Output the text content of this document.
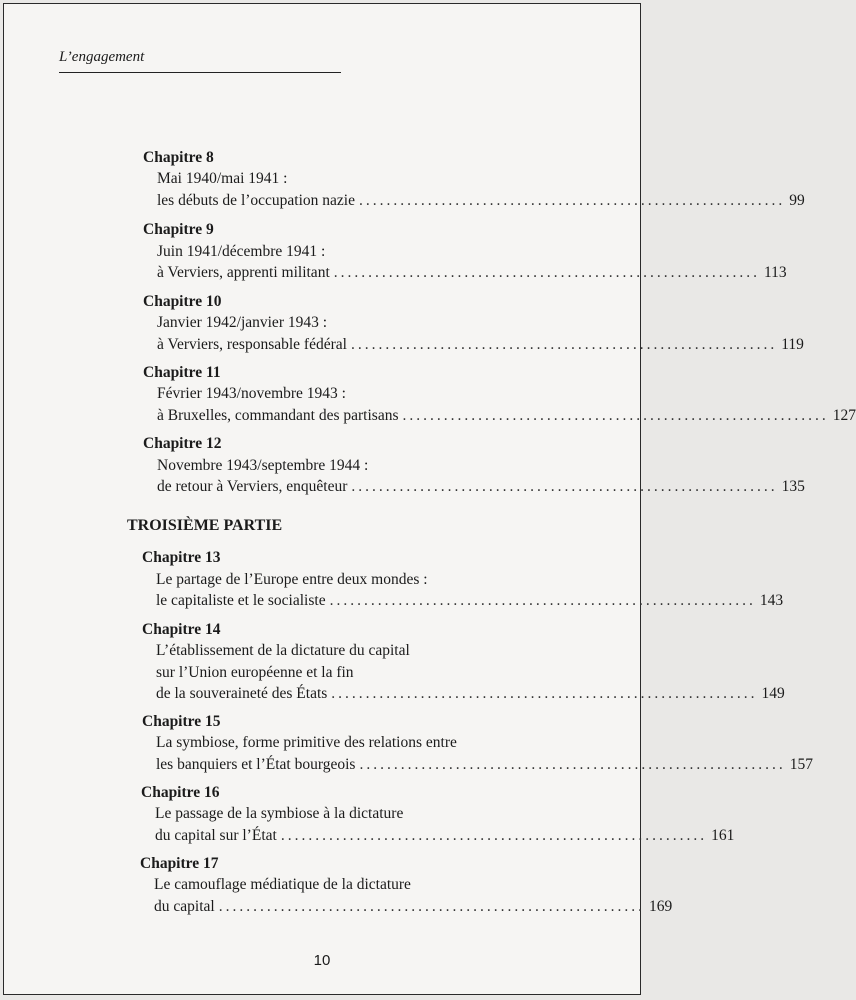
L’engagement
Chapitre 8
Mai 1940/mai 1941 :
les débuts de l’occupation nazie .............................................................. 99
Chapitre 9
Juin 1941/décembre 1941 :
à Verviers, apprenti militant .............................................................. 113
Chapitre 10
Janvier 1942/janvier 1943 :
à Verviers, responsable fédéral .............................................................. 119
Chapitre 11
Février 1943/novembre 1943 :
à Bruxelles, commandant des partisans .............................................................. 127
Chapitre 12
Novembre 1943/septembre 1944 :
de retour à Verviers, enquêteur .............................................................. 135
TROISIÈME PARTIE
Chapitre 13
Le partage de l’Europe entre deux mondes :
le capitaliste et le socialiste .............................................................. 143
Chapitre 14
L’établissement de la dictature du capital
sur l’Union européenne et la fin
de la souveraineté des États .............................................................. 149
Chapitre 15
La symbiose, forme primitive des relations entre
les banquiers et l’État bourgeois .............................................................. 157
Chapitre 16
Le passage de la symbiose à la dictature
du capital sur l’État .............................................................. 161
Chapitre 17
Le camouflage médiatique de la dictature
du capital .............................................................. 169
10
